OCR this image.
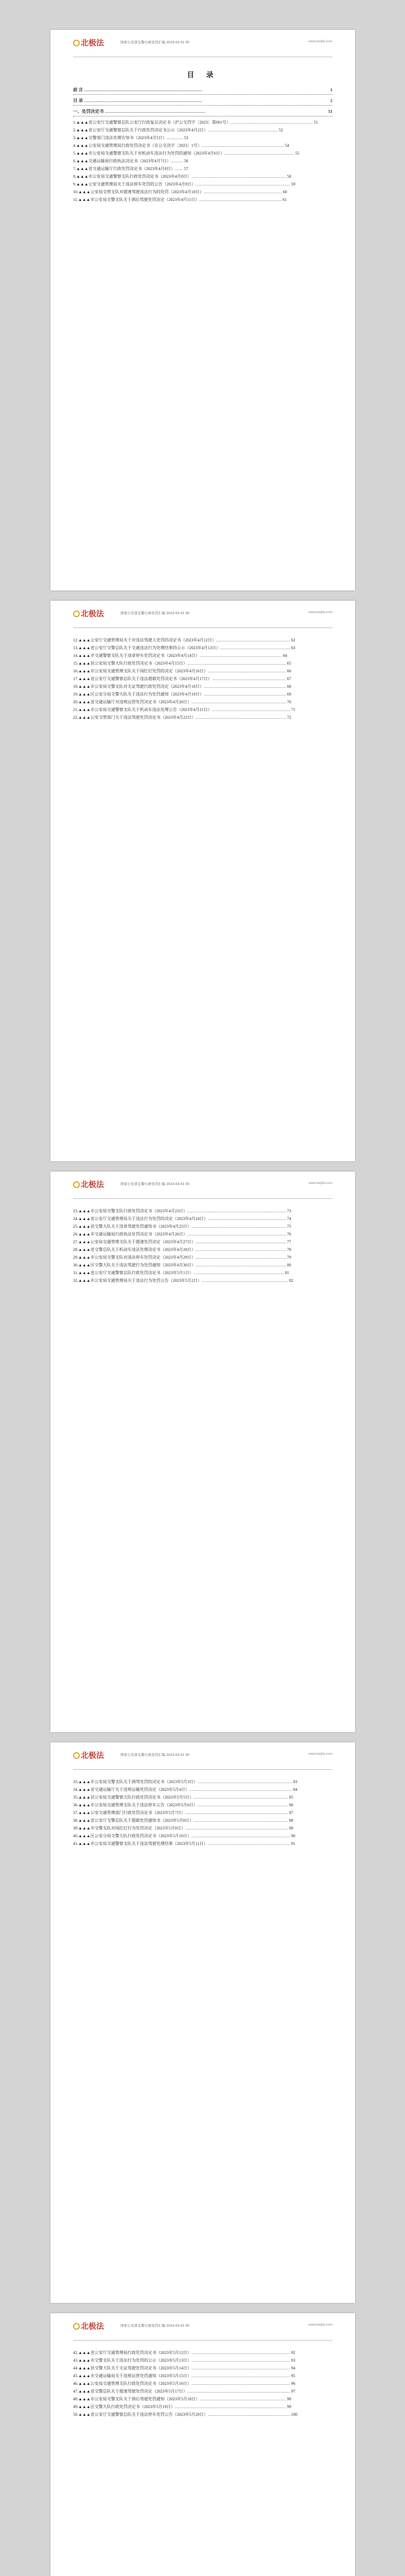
北极法	国家公安部交警行政处罚汇编 2023-03-01 00	www.beijifa.com
目 录

前 言 ………………………………………………………………………	1

目 录 ………………………………………………………………………	2

一、处罚决定书 ……………………………………………………………	51

1.▲▲▲省公安厅交通警察总队公安厅行政复议决定书（沪公交罚字〔2023〕第001号）…………………………………………………… 51

2.▲▲▲省公安厅交通警察总队关于行政处罚决定书公示（2023年4月2日）…………………………………………… 52

3.▲▲▲交警部门违法处理告知书（2023年4月5日）………… 53

4.▲▲▲公安局交通管理局行政处罚决定书（京公交决字〔2023〕1号）…………………………………………………… 54

5.▲▲▲市公安局交通警察支队关于对机动车违法行为处罚的通知（2023年4月6日）…………………………………………… 55

6.▲▲▲交通运输局行政执法决定书（2023年4月7日）……… 56

7.▲▲▲省交通运输厅行政处罚决定书（2023年4月8日）…… 57

8.▲▲▲市公安局交通警察支队行政处罚决定书（2023年4月8日）…………………………………………………………… 58

9.▲▲▲公安交通管理局关于违法停车处罚的公告（2023年4月9日）…………………………………………………………… 59

10.▲▲▲公安局交管支队对超速驾驶违法行为的处罚（2023年4月10日）………………………………………………… 60

11.▲▲▲市公安局交警支队关于酒后驾驶处罚决定（2023年4月11日）…………………………………………………… 61

北极法	国家公安部交警行政处罚汇编 2023-03-01 00	www.beijifa.com

12.▲▲▲公安厅交通管理局关于对违法驾驶人处罚的决定书（2023年4月12日）……………………………………………… 62

13.▲▲▲省公安厅交警总队关于交通违法行为处理结果的公示（2023年4月13日）…………………………………………… 63

14.▲▲▲市交通警察支队关于违章停车处罚决定书（2023年4月14日）…………………………………………………… 64

15.▲▲▲县公安局交警大队行政处罚决定书（2023年4月15日）……………………………………………………………… 65

16.▲▲▲市公安局交通管理支队关于闯红灯处罚的决定（2023年4月16日）………………………………………………… 66

17.▲▲▲省公安厅交通警察总队关于违法超载处罚决定书（2023年4月17日）……………………………………………… 67

18.▲▲▲市公安局交警支队对无证驾驶行政处罚决定（2023年4月18日）…………………………………………………… 68

19.▲▲▲区公安分局交警大队关于违法行为处罚通知（2023年4月19日）…………………………………………………… 69

20.▲▲▲省交通运输厅对违规运营处罚决定书（2023年4月20日）…………………………………………………………… 70

21.▲▲▲市公安局交通警察支队关于机动车违法处理公告（2023年4月21日）………………………………………………… 71

22.▲▲▲公安交管部门关于违法驾驶处罚决定书（2023年4月22日）………………………………………………………… 72

北极法	国家公安部交警行政处罚汇编 2023-03-01 00	www.beijifa.com

23.▲▲▲市公安局交警支队行政处罚决定书（2023年4月23日）……………………………………………………………… 73

24.▲▲▲省公安厅交通管理局关于违法行为处罚的决定（2023年4月24日）………………………………………………… 74

25.▲▲▲县交警大队关于违章驾驶处罚通知书（2023年4月25日）…………………………………………………………… 75

26.▲▲▲市交通运输局行政执法处罚决定书（2023年4月26日）……………………………………………………………… 76

27.▲▲▲公安局交通管理支队关于超速处罚决定（2023年4月27日）………………………………………………………… 77

28.▲▲▲省交警总队关于机动车违法处理决定书（2023年4月28日）………………………………………………………… 78

29.▲▲▲市公安局交警支队对违法停车处罚决定（2023年4月29日）………………………………………………………… 79

30.▲▲▲区交警大队关于违法驾驶行为处罚通知（2023年4月30日）………………………………………………………… 80

31.▲▲▲省公安厅交通警察总队行政处罚决定书（2023年5月1日）………………………………………………………… 81

32.▲▲▲市公安局交通管理局关于违法行为处罚公告（2023年5月2日）……………………………………………………… 82

北极法	国家公安部交警行政处罚汇编 2023-03-01 00	www.beijifa.com

33.▲▲▲市公安局交警支队关于酒驾处罚的决定书（2023年5月3日）…………………………………………………………… 83

34.▲▲▲省交通运输厅关于违规运输处罚决定（2023年5月4日）………………………………………………………………… 84

35.▲▲▲县公安局交通警察大队行政处罚决定书（2023年5月5日）…………………………………………………………… 85

36.▲▲▲市公安局交通管理支队关于违法停车公告（2023年5月6日）………………………………………………………… 86

37.▲▲▲公安交通管理部门行政处罚决定书（2023年5月7日）………………………………………………………………… 87

38.▲▲▲省公安厅交警总队关于超载处罚通知书（2023年5月8日）…………………………………………………………… 88

39.▲▲▲市交警支队对闯红灯行为处罚决定（2023年5月9日）………………………………………………………………… 89

40.▲▲▲区公安分局交警大队行政处罚决定书（2023年5月10日）……………………………………………………………… 90

41.▲▲▲市公安局交通警察支队关于违法驾驶处理结果（2023年5月11日）…………………………………………………… 91

北极法	国家公安部交警行政处罚汇编 2023-03-01 00	www.beijifa.com

42.▲▲▲省公安厅交通管理局行政处罚决定书（2023年5月12日）……………………………………………………………… 92

43.▲▲▲市交警支队关于违法行为处罚的公示（2023年5月13日）……………………………………………………………… 93

44.▲▲▲县交警大队关于无证驾驶处罚决定书（2023年5月14日）……………………………………………………………… 94

45.▲▲▲市交通运输局关于违规运营处罚通知（2023年5月15日）……………………………………………………………… 95

46.▲▲▲公安局交通管理支队行政处罚决定书（2023年5月16日）……………………………………………………………… 96

47.▲▲▲省交警总队关于超速驾驶处罚决定（2023年5月17日）………………………………………………………………… 97

48.▲▲▲市公安局交警支队关于酒后驾驶处罚通知（2023年5月18日）……………………………………………………… 98

49.▲▲▲区交警大队行政处罚决定书（2023年5月19日）……………………………………………………………………… 99

50.▲▲▲省公安厅交通警察总队关于违法停车处罚公告（2023年5月20日）…………………………………………………… 100
